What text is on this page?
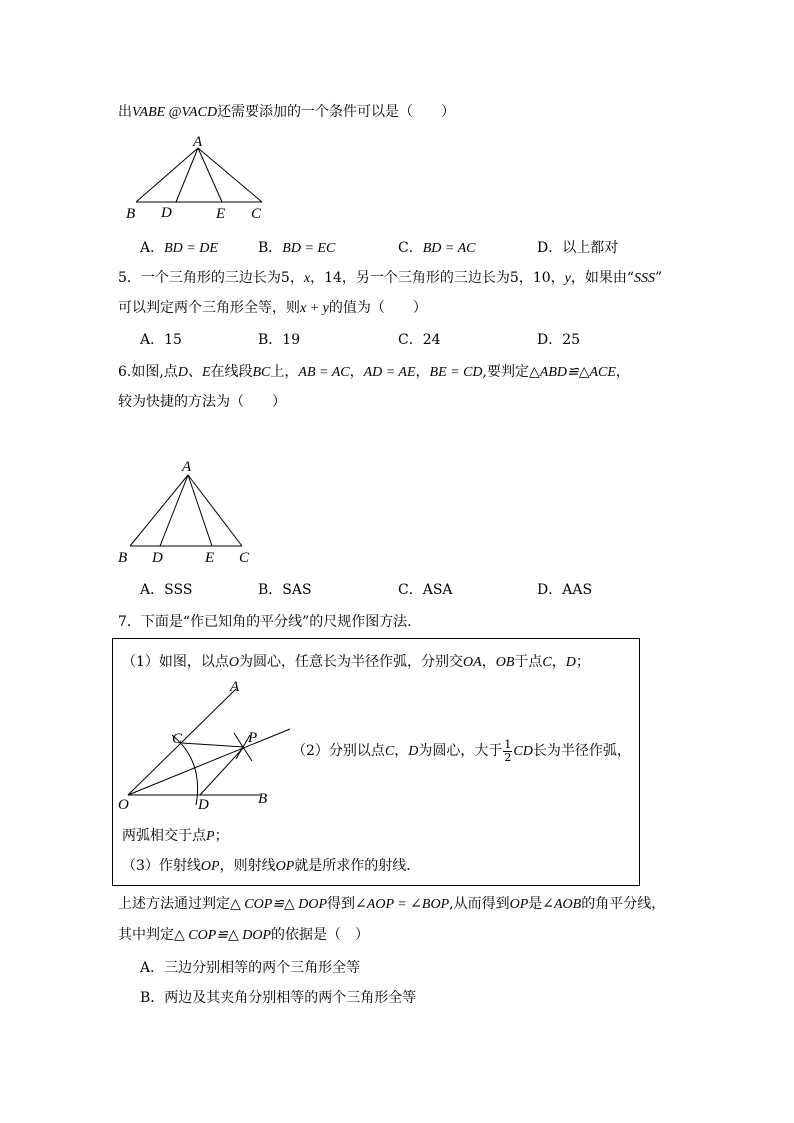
出VABE @VACD还需要添加的一个条件可以是（　　）
A
B D	E C
A．BD = DE	B．BD = EC	C．BD = AC	D．以上都对
5．一个三角形的三边长为5，x，14，另一个三角形的三边长为5，10，y，如果由“SSS”
可以判定两个三角形全等，则x + y的值为（　　）
A．15	B．19	C．24	D．25
6.如图,点D、E在线段BC上，AB = AC，AD = AE，BE = CD,要判定△ABD≌△ACE，
较为快捷的方法为（　　）
A
B D	E C
A．SSS	B．SAS	C．ASA	D．AAS
7．下面是“作已知角的平分线”的尺规作图方法．
（1）如图，以点O为圆心，任意长为半径作弧，分别交OA，OB于点C，D；
A
C	P
O	D	B
（2）分别以点C，D为圆心，大于 $\frac{1}{2}$ CD长为半径作弧，
两弧相交于点P；
（3）作射线OP，则射线OP就是所求作的射线．
上述方法通过判定△ COP≌△ DOP得到∠AOP = ∠BOP,从而得到OP是∠AOB的角平分线，
其中判定△ COP≌△ DOP的依据是（　）
A．三边分别相等的两个三角形全等
B．两边及其夹角分别相等的两个三角形全等
